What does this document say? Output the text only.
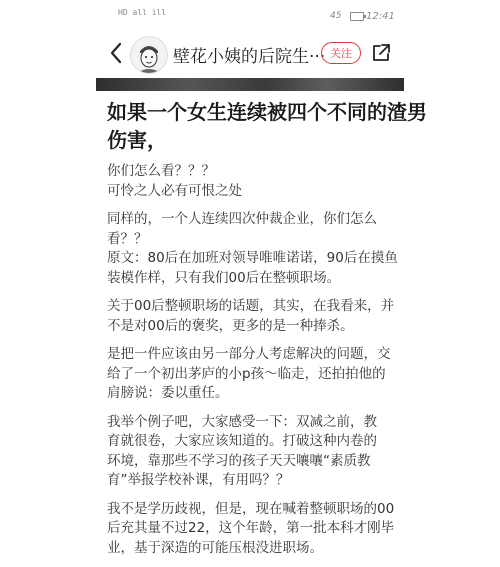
HD all ill	45 12:41
壁花小姨的后院生··· 关注
如果一个女生连续被四个不同的渣男
伤害，

你们怎么看？？？
可怜之人必有可恨之处

同样的，一个人连续四次仲裁企业，你们怎么
看？？
原文：80后在加班对领导唯唯诺诺，90后在摸鱼
装模作样，只有我们00后在整顿职场。

关于00后整顿职场的话题，其实，在我看来，并
不是对00后的褒奖，更多的是一种捧杀。

是把一件应该由另一部分人考虑解决的问题，交
给了一个初出茅庐的小p孩～临走，还拍拍他的
肩膀说：委以重任。

我举个例子吧，大家感受一下：双减之前，教
育就很卷，大家应该知道的。打破这种内卷的
环境，靠那些不学习的孩子天天嚷嚷“素质教
育”举报学校补课，有用吗？？

我不是学历歧视，但是，现在喊着整顿职场的00
后充其量不过22，这个年龄，第一批本科才刚毕
业，基于深造的可能压根没进职场。
